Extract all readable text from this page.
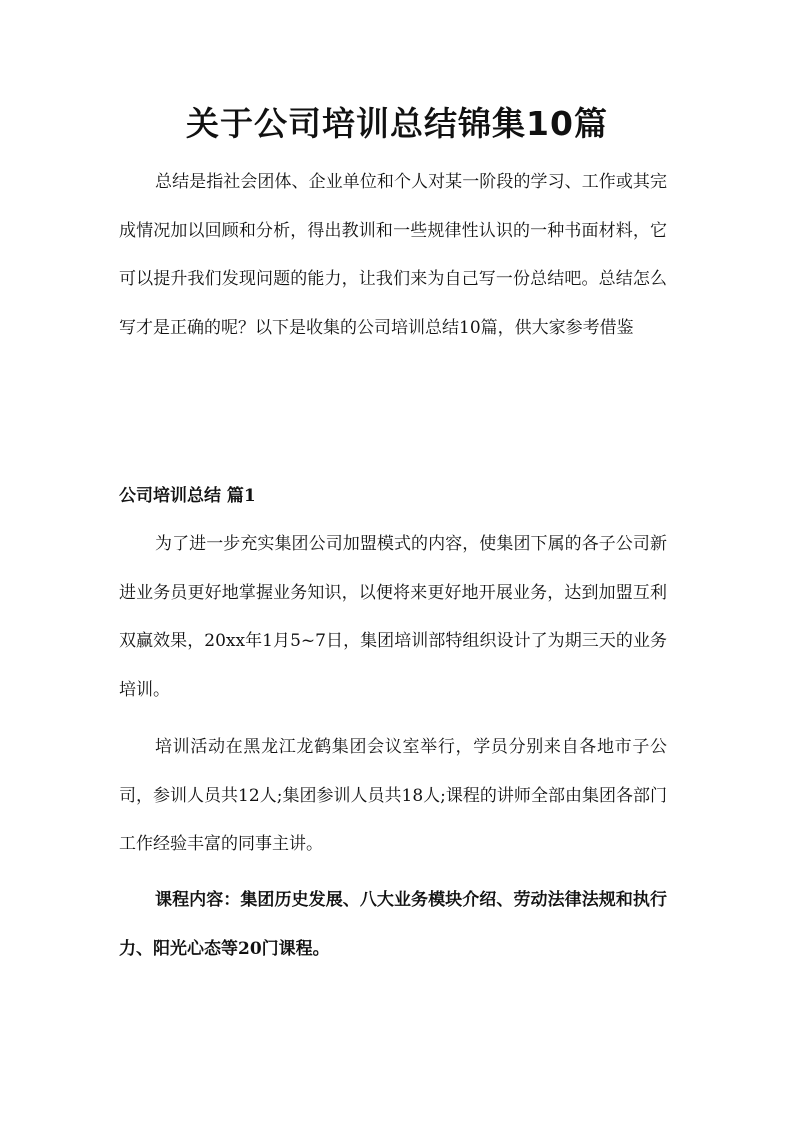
关于公司培训总结锦集10篇

总结是指社会团体、企业单位和个人对某一阶段的学习、工作或其完成情况加以回顾和分析，得出教训和一些规律性认识的一种书面材料，它可以提升我们发现问题的能力，让我们来为自己写一份总结吧。总结怎么写才是正确的呢？以下是收集的公司培训总结10篇，供大家参考借鉴

公司培训总结 篇1

为了进一步充实集团公司加盟模式的内容，使集团下属的各子公司新进业务员更好地掌握业务知识，以便将来更好地开展业务，达到加盟互利双赢效果，20xx年1月5~7日，集团培训部特组织设计了为期三天的业务培训。

培训活动在黑龙江龙鹤集团会议室举行，学员分别来自各地市子公司，参训人员共12人;集团参训人员共18人;课程的讲师全部由集团各部门工作经验丰富的同事主讲。

课程内容：集团历史发展、八大业务模块介绍、劳动法律法规和执行力、阳光心态等20门课程。
